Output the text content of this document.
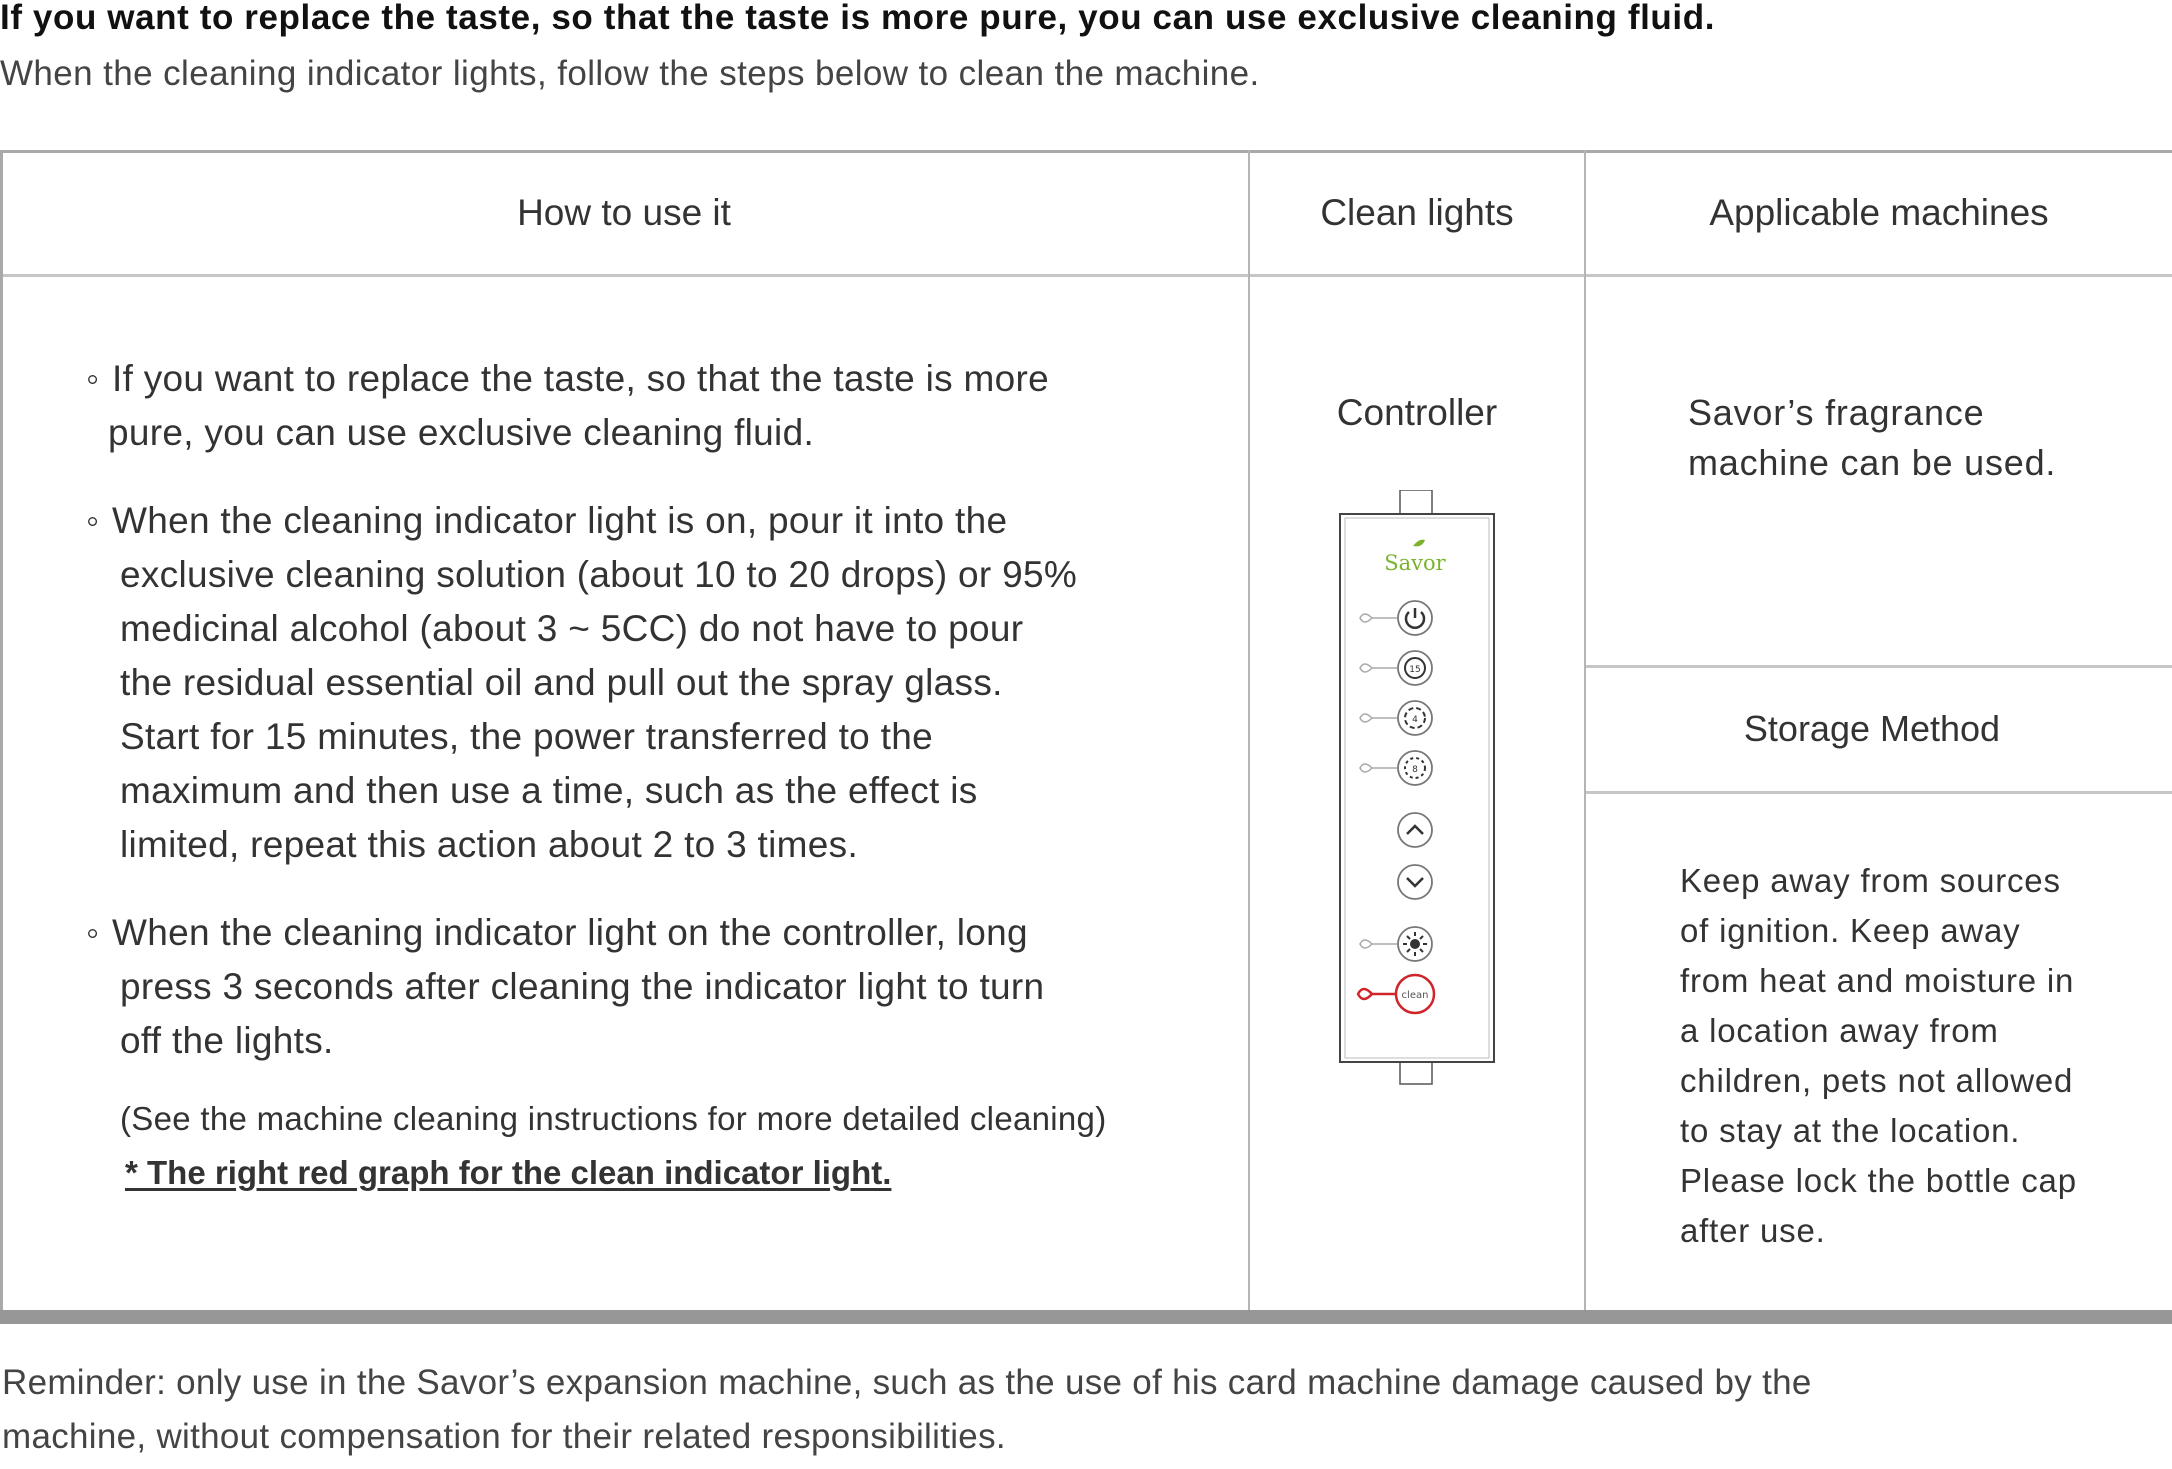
If you want to replace the taste, so that the taste is more pure, you can use exclusive cleaning fluid.
When the cleaning indicator lights, follow the steps below to clean the machine.
How to use it	Clean lights	Applicable machines
◦ If you want to replace the taste, so that the taste is more
pure, you can use exclusive cleaning fluid.
◦ When the cleaning indicator light is on, pour it into the
exclusive cleaning solution (about 10 to 20 drops) or 95%
medicinal alcohol (about 3 ~ 5CC) do not have to pour
the residual essential oil and pull out the spray glass.
Start for 15 minutes, the power transferred to the
maximum and then use a time, such as the effect is
limited, repeat this action about 2 to 3 times.
◦ When the cleaning indicator light on the controller, long
press 3 seconds after cleaning the indicator light to turn
off the lights.
(See the machine cleaning instructions for more detailed cleaning)
* The right red graph for the clean indicator light.
Controller
Savor
15
4
8
clean
Savor’s fragrance
machine can be used.
Storage Method
Keep away from sources
of ignition. Keep away
from heat and moisture in
a location away from
children, pets not allowed
to stay at the location.
Please lock the bottle cap
after use.
Reminder: only use in the Savor’s expansion machine, such as the use of his card machine damage caused by the
machine, without compensation for their related responsibilities.
